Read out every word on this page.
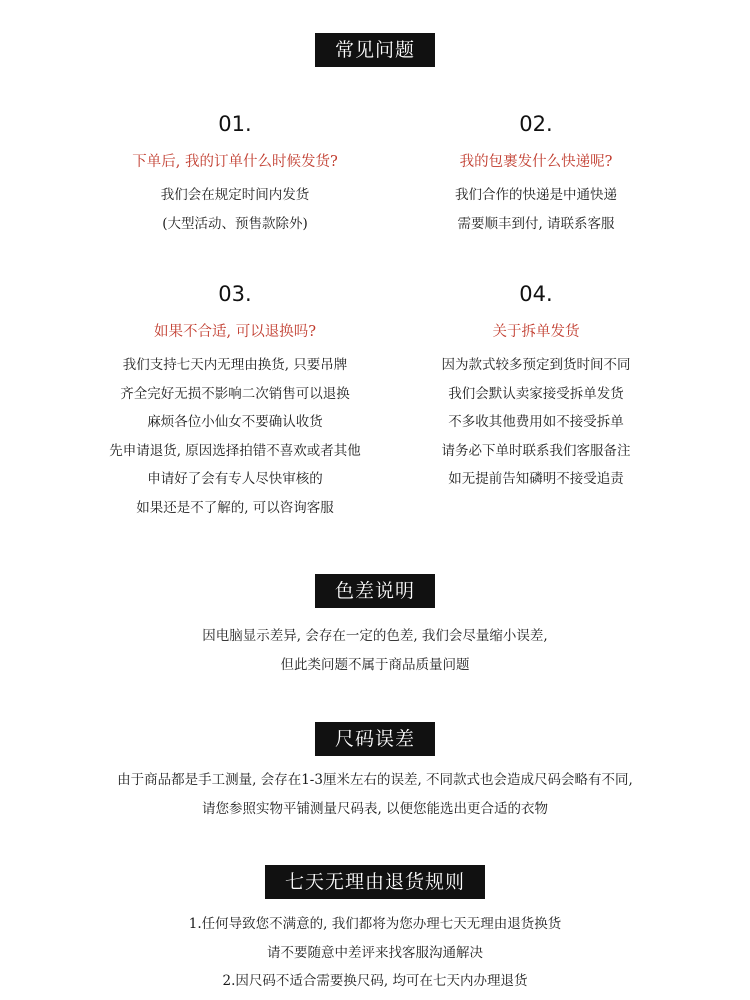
常见问题
01.
下单后, 我的订单什么时候发货?
我们会在规定时间内发货
(大型活动、预售款除外)
02.
我的包裹发什么快递呢?
我们合作的快递是中通快递
需要顺丰到付, 请联系客服
03.
如果不合适, 可以退换吗?
我们支持七天内无理由换货, 只要吊牌
齐全完好无损不影响二次销售可以退换
麻烦各位小仙女不要确认收货
先申请退货, 原因选择拍错不喜欢或者其他
申请好了会有专人尽快审核的
如果还是不了解的, 可以咨询客服
04.
关于拆单发货
因为款式较多预定到货时间不同
我们会默认卖家接受拆单发货
不多收其他费用如不接受拆单
请务必下单时联系我们客服备注
如无提前告知磷明不接受追责
色差说明
因电脑显示差异, 会存在一定的色差, 我们会尽量缩小误差,
但此类问题不属于商品质量问题
尺码误差
由于商品都是手工测量, 会存在1-3厘米左右的误差, 不同款式也会造成尺码会略有不同,
请您参照实物平铺测量尺码表, 以便您能选出更合适的衣物
七天无理由退货规则
1.任何导致您不满意的, 我们都将为您办理七天无理由退货换货
请不要随意中差评来找客服沟通解决
2.因尺码不适合需要换尺码, 均可在七天内办理退货
